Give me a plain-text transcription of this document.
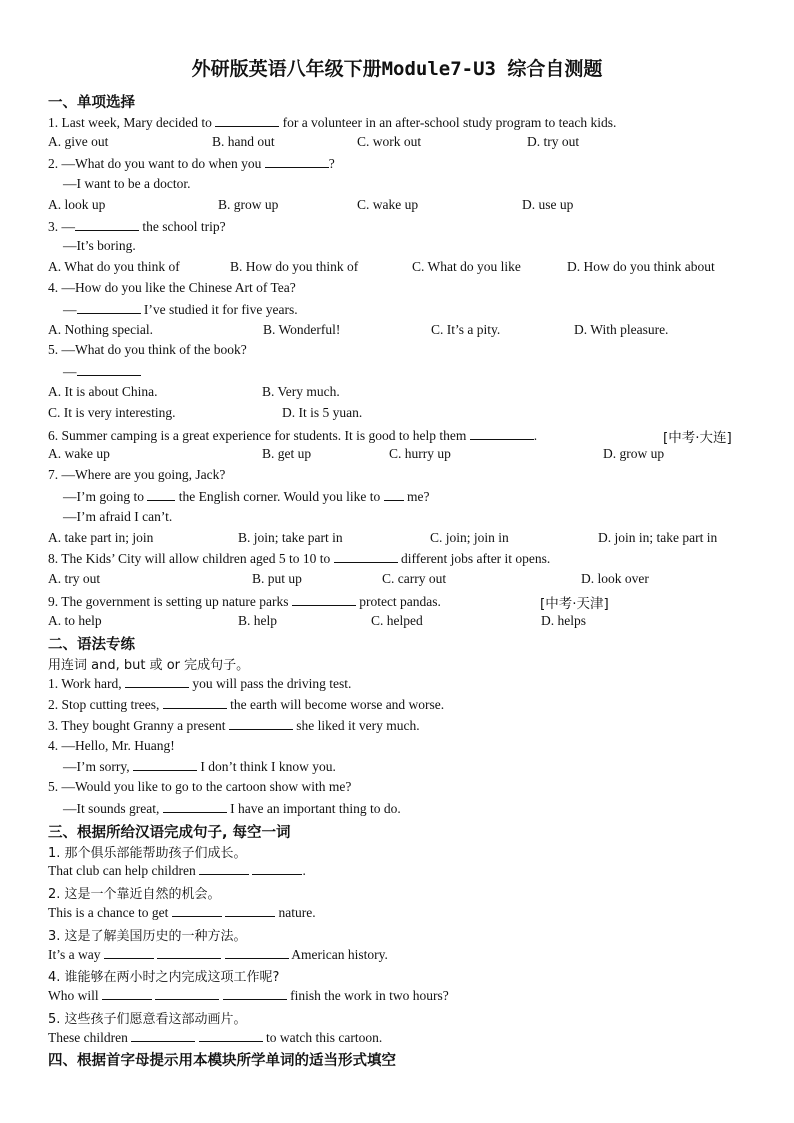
外研版英语八年级下册Module7-U3 综合自测题
一、单项选择
1. Last week, Mary decided to	for a volunteer in an after-school study program to teach kids.
A. give out	B. hand out	C. work out	D. try out
2. —What do you want to do when you	?
—I want to be a doctor.
A. look up	B. grow up	C. wake up	D. use up
3. —	the school trip?
—It’s boring.
A. What do you think of	B. How do you think of	C. What do you like	D. How do you think about
4. —How do you like the Chinese Art of Tea?
—	I’ve studied it for five years.
A. Nothing special.	B. Wonderful!	C. It’s a pity.	D. With pleasure.
5. —What do you think of the book?
—
A. It is about China.	B. Very much.
C. It is very interesting.	D. It is 5 yuan.
6. Summer camping is a great experience for students. It is good to help them	.	[中考·大连]
A. wake up	B. get up	C. hurry up	D. grow up
7. —Where are you going, Jack?
—I’m going to  the English corner. Would you like to  me?
—I’m afraid I can’t.
A. take part in; join	B. join; take part in	C. join; join in	D. join in; take part in
8. The Kids’ City will allow children aged 5 to 10 to	different jobs after it opens.
A. try out	B. put up	C. carry out	D. look over
9. The government is setting up nature parks	protect pandas.	[中考·天津]
A. to help	B. help	C. helped	D. helps
二、语法专练
用连词 and, but 或 or 完成句子。
1. Work hard,	you will pass the driving test.
2. Stop cutting trees,	the earth will become worse and worse.
3. They bought Granny a present	she liked it very much.
4. —Hello, Mr. Huang!
—I’m sorry,	I don’t think I know you.
5. —Would you like to go to the cartoon show with me?
—It sounds great,	I have an important thing to do.
三、根据所给汉语完成句子, 每空一词
1. 那个俱乐部能帮助孩子们成长。
That club can help children	.
2. 这是一个靠近自然的机会。
This is a chance to get	nature.
3. 这是了解美国历史的一种方法。
It’s a way	American history.
4. 谁能够在两小时之内完成这项工作呢?
Who will	finish the work in two hours?
5. 这些孩子们愿意看这部动画片。
These children	to watch this cartoon.
四、根据首字母提示用本模块所学单词的适当形式填空
